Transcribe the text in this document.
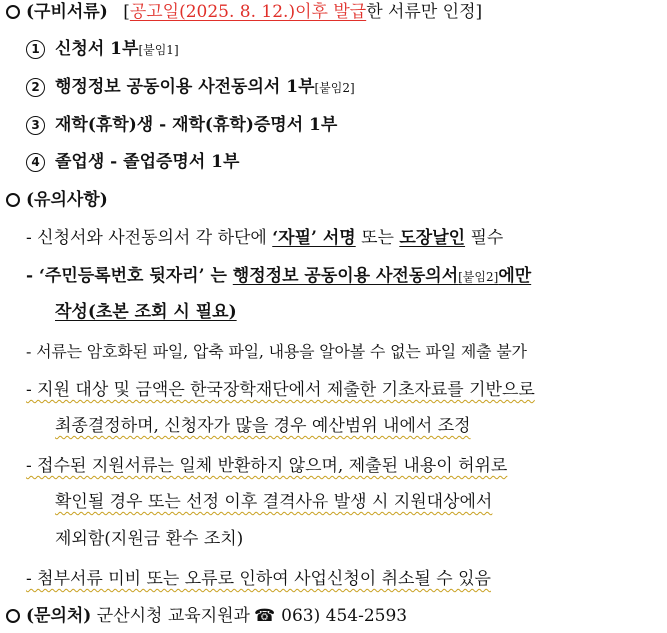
(구비서류) [공고일(2025. 8. 12.)이후 발급한 서류만 인정]
1 신청서 1부[붙임1]
2 행정정보 공동이용 사전동의서 1부[붙임2]
3 재학(휴학)생 - 재학(휴학)증명서 1부
4 졸업생 - 졸업증명서 1부
(유의사항)
- 신청서와 사전동의서 각 하단에 ‘자필’ 서명 또는 도장날인 필수
- ‘주민등록번호 뒷자리’ 는 행정정보 공동이용 사전동의서[붙임2]에만
작성(초본 조회 시 필요)
- 서류는 암호화된 파일, 압축 파일, 내용을 알아볼 수 없는 파일 제출 불가
- 지원 대상 및 금액은 한국장학재단에서 제출한 기초자료를 기반으로
최종결정하며, 신청자가 많을 경우 예산범위 내에서 조정
- 접수된 지원서류는 일체 반환하지 않으며, 제출된 내용이 허위로
확인될 경우 또는 선정 이후 결격사유 발생 시 지원대상에서
제외함(지원금 환수 조치)
- 첨부서류 미비 또는 오류로 인하여 사업신청이 취소될 수 있음
(문의처) 군산시청 교육지원과 ☎ 063) 454-2593
